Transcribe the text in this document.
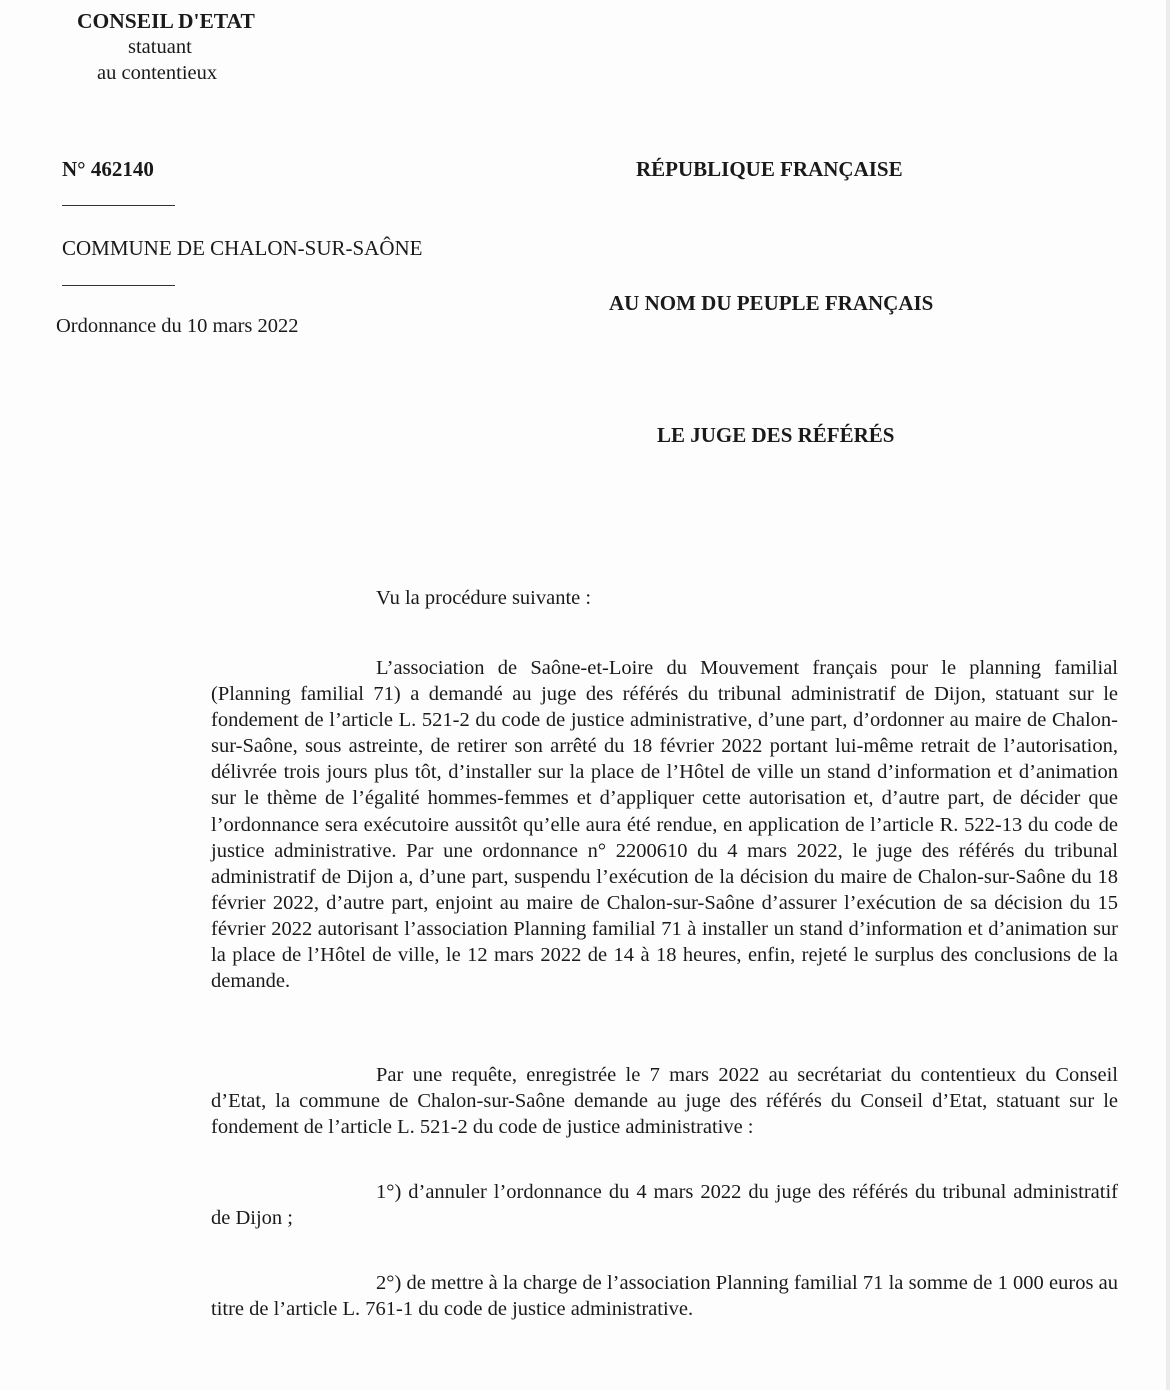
CONSEIL D'ETAT
statuant
au contentieux
N° 462140
COMMUNE DE CHALON-SUR-SAÔNE
Ordonnance du 10 mars 2022
RÉPUBLIQUE FRANÇAISE
AU NOM DU PEUPLE FRANÇAIS
LE JUGE DES RÉFÉRÉS
Vu la procédure suivante :

L’association de Saône-et-Loire du Mouvement français pour le planning familial (Planning familial 71) a demandé au juge des référés du tribunal administratif de Dijon, statuant sur le fondement de l’article L. 521-2 du code de justice administrative, d’une part, d’ordonner au maire de Chalon-sur-Saône, sous astreinte, de retirer son arrêté du 18 février 2022 portant lui-même retrait de l’autorisation, délivrée trois jours plus tôt, d’installer sur la place de l’Hôtel de ville un stand d’information et d’animation sur le thème de l’égalité hommes-femmes et d’appliquer cette autorisation et, d’autre part, de décider que l’ordonnance sera exécutoire aussitôt qu’elle aura été rendue, en application de l’article R. 522-13 du code de justice administrative. Par une ordonnance n° 2200610 du 4 mars 2022, le juge des référés du tribunal administratif de Dijon a, d’une part, suspendu l’exécution de la décision du maire de Chalon-sur-Saône du 18 février 2022, d’autre part, enjoint au maire de Chalon-sur-Saône d’assurer l’exécution de sa décision du 15 février 2022 autorisant l’association Planning familial 71 à installer un stand d’information et d’animation sur la place de l’Hôtel de ville, le 12 mars 2022 de 14 à 18 heures, enfin, rejeté le surplus des conclusions de la demande.

Par une requête, enregistrée le 7 mars 2022 au secrétariat du contentieux du Conseil d’Etat, la commune de Chalon-sur-Saône demande au juge des référés du Conseil d’Etat, statuant sur le fondement de l’article L. 521-2 du code de justice administrative :

1°) d’annuler l’ordonnance du 4 mars 2022 du juge des référés du tribunal administratif de Dijon ;

2°) de mettre à la charge de l’association Planning familial 71 la somme de 1 000 euros au titre de l’article L. 761-1 du code de justice administrative.
